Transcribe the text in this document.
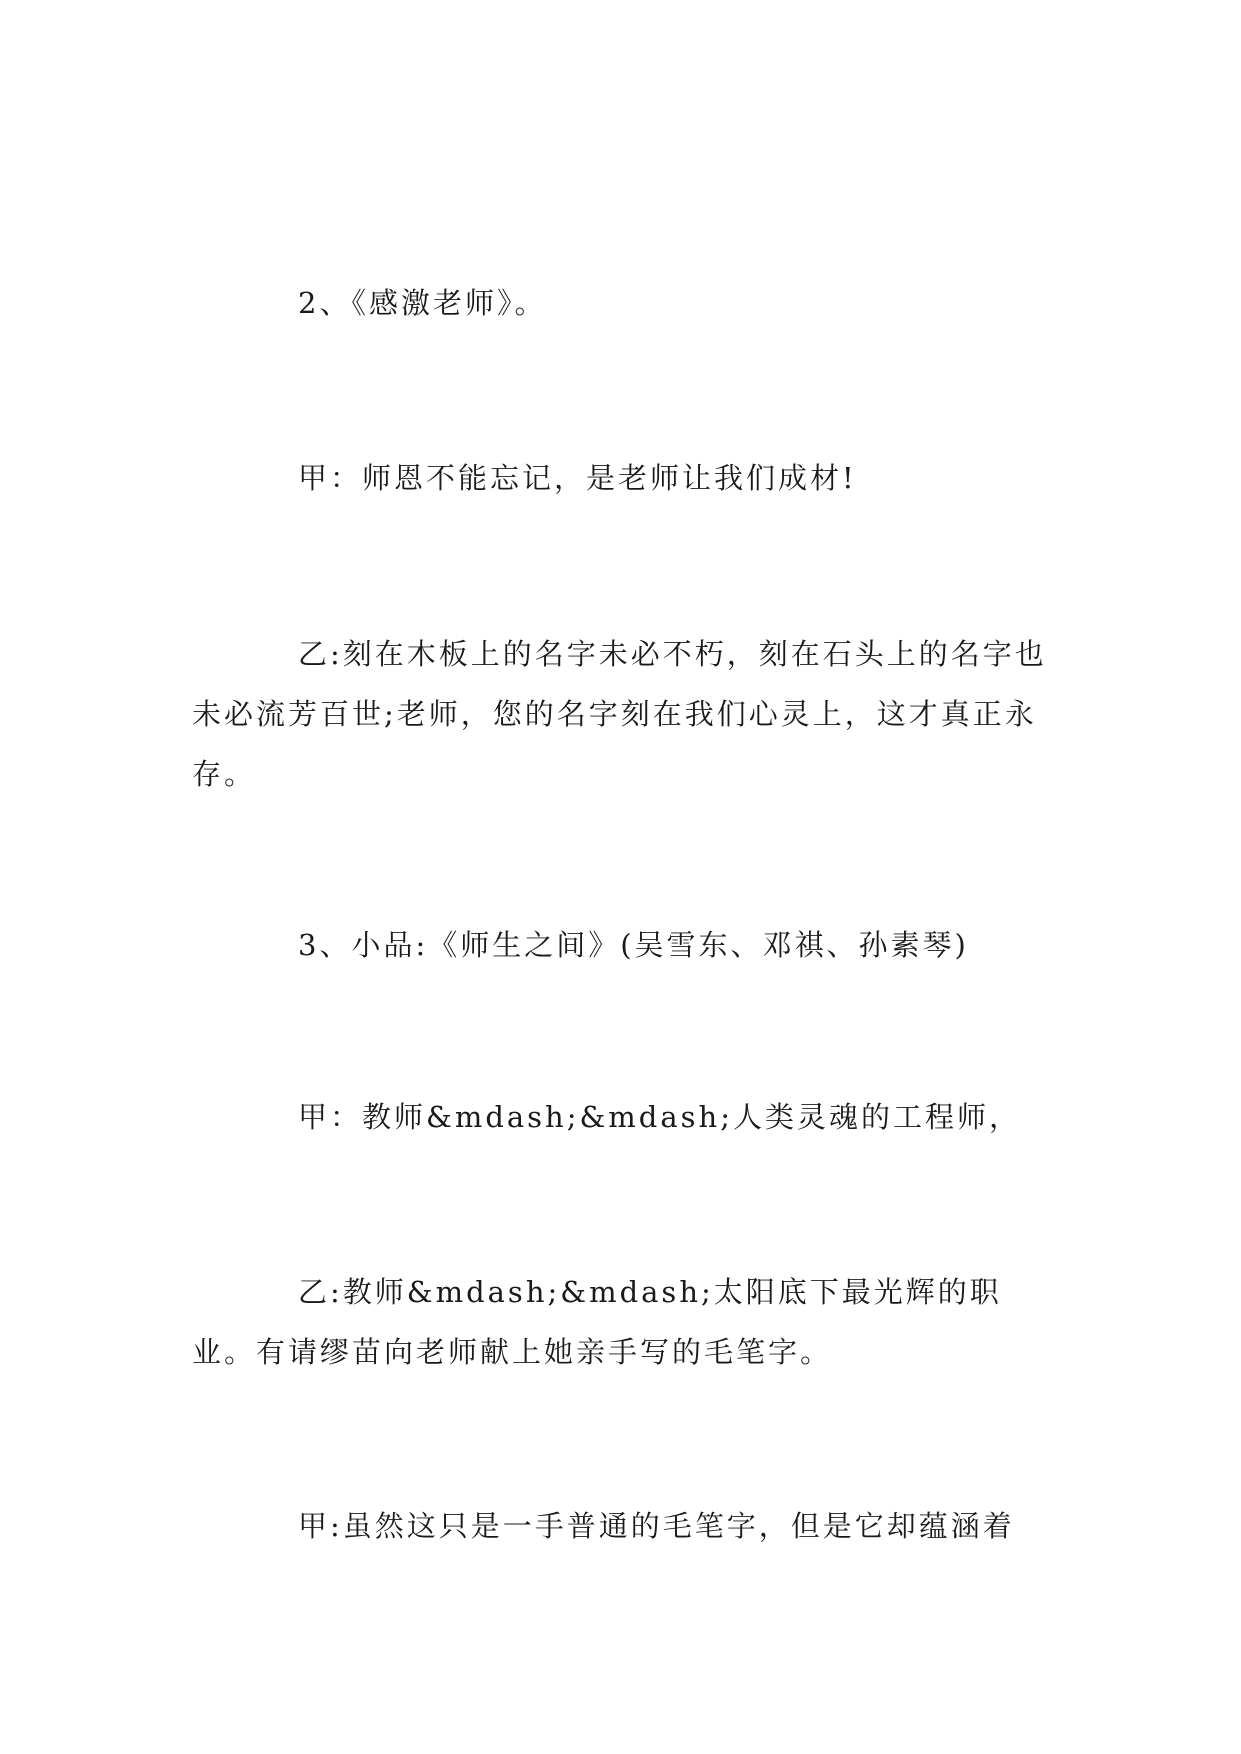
2、《感激老师》。

甲：师恩不能忘记，是老师让我们成材!

乙:刻在木板上的名字未必不朽，刻在石头上的名字也未必流芳百世;老师，您的名字刻在我们心灵上，这才真正永存。

3、小品:《师生之间》(吴雪东、邓祺、孙素琴)

甲：教师&mdash;&mdash;人类灵魂的工程师，

乙:教师&mdash;&mdash;太阳底下最光辉的职业。有请缪苗向老师献上她亲手写的毛笔字。

甲:虽然这只是一手普通的毛笔字，但是它却蕴涵着
